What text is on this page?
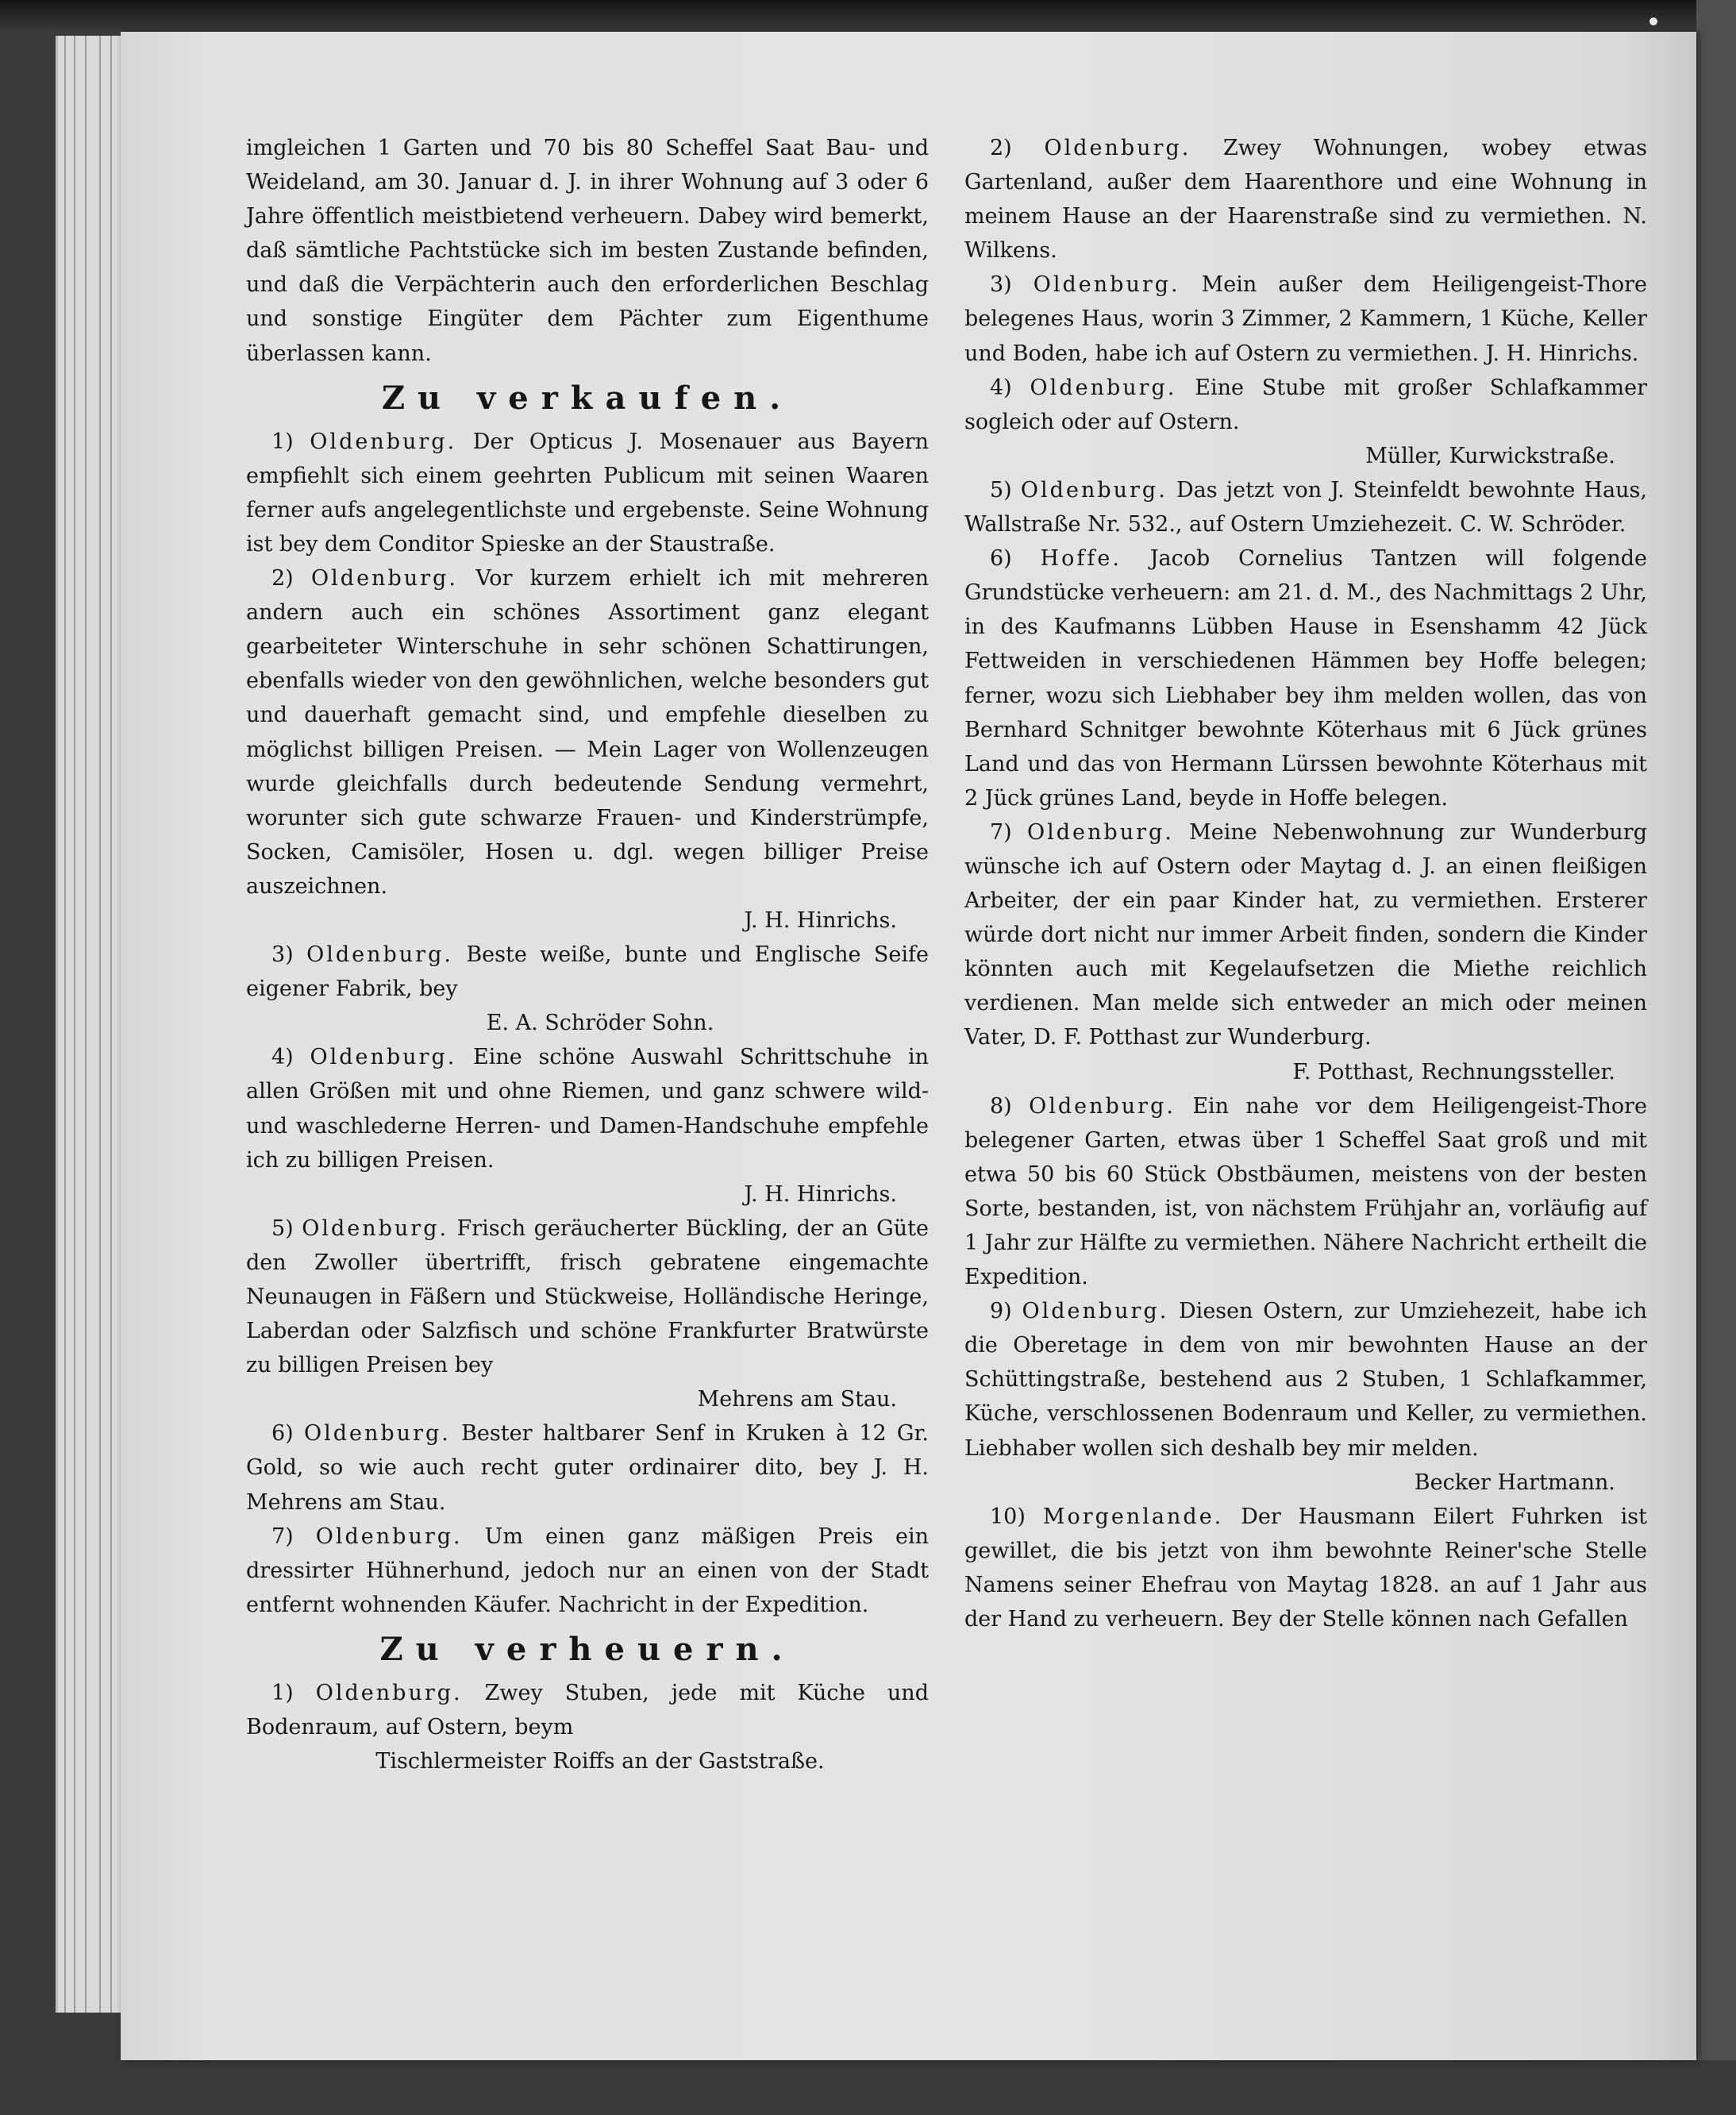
imgleichen 1 Garten und 70 bis 80 Scheffel Saat Bau- und Weideland, am 30. Januar d. J. in ihrer Wohnung auf 3 oder 6 Jahre öffentlich meistbietend verheuern. Dabey wird bemerkt, daß sämtliche Pachtstücke sich im besten Zustande befinden, und daß die Verpächterin auch den erforderlichen Beschlag und sonstige Eingüter dem Pächter zum Eigenthume überlassen kann.

Zu verkaufen.

1) Oldenburg. Der Opticus J. Mosenauer aus Bayern empfiehlt sich einem geehrten Publicum mit seinen Waaren ferner aufs angelegentlichste und ergebenste. Seine Wohnung ist bey dem Conditor Spieske an der Staustraße.

2) Oldenburg. Vor kurzem erhielt ich mit mehreren andern auch ein schönes Assortiment ganz elegant gearbeiteter Winterschuhe in sehr schönen Schattirungen, ebenfalls wieder von den gewöhnlichen, welche besonders gut und dauerhaft gemacht sind, und empfehle dieselben zu möglichst billigen Preisen. — Mein Lager von Wollenzeugen wurde gleichfalls durch bedeutende Sendung vermehrt, worunter sich gute schwarze Frauen- und Kinderstrümpfe, Socken, Camisöler, Hosen u. dgl. wegen billiger Preise auszeichnen.
J. H. Hinrichs.

3) Oldenburg. Beste weiße, bunte und Englische Seife eigener Fabrik, bey
E. A. Schröder Sohn.

4) Oldenburg. Eine schöne Auswahl Schrittschuhe in allen Größen mit und ohne Riemen, und ganz schwere wild- und waschlederne Herren- und Damen-Handschuhe empfehle ich zu billigen Preisen.
J. H. Hinrichs.

5) Oldenburg. Frisch geräucherter Bückling, der an Güte den Zwoller übertrifft, frisch gebratene eingemachte Neunaugen in Fäßern und Stückweise, Holländische Heringe, Laberdan oder Salzfisch und schöne Frankfurter Bratwürste zu billigen Preisen bey
Mehrens am Stau.

6) Oldenburg. Bester haltbarer Senf in Kruken à 12 Gr. Gold, so wie auch recht guter ordinairer dito, bey J. H. Mehrens am Stau.

7) Oldenburg. Um einen ganz mäßigen Preis ein dressirter Hühnerhund, jedoch nur an einen von der Stadt entfernt wohnenden Käufer. Nachricht in der Expedition.

Zu verheuern.

1) Oldenburg. Zwey Stuben, jede mit Küche und Bodenraum, auf Ostern, beym
Tischlermeister Roiffs an der Gaststraße.

2) Oldenburg. Zwey Wohnungen, wobey etwas Gartenland, außer dem Haarenthore und eine Wohnung in meinem Hause an der Haarenstraße sind zu vermiethen. N. Wilkens.

3) Oldenburg. Mein außer dem Heiligengeist-Thore belegenes Haus, worin 3 Zimmer, 2 Kammern, 1 Küche, Keller und Boden, habe ich auf Ostern zu vermiethen. J. H. Hinrichs.

4) Oldenburg. Eine Stube mit großer Schlafkammer sogleich oder auf Ostern.
Müller, Kurwickstraße.

5) Oldenburg. Das jetzt von J. Steinfeldt bewohnte Haus, Wallstraße Nr. 532., auf Ostern Umziehezeit. C. W. Schröder.

6) Hoffe. Jacob Cornelius Tantzen will folgende Grundstücke verheuern: am 21. d. M., des Nachmittags 2 Uhr, in des Kaufmanns Lübben Hause in Esenshamm 42 Jück Fettweiden in verschiedenen Hämmen bey Hoffe belegen; ferner, wozu sich Liebhaber bey ihm melden wollen, das von Bernhard Schnitger bewohnte Köterhaus mit 6 Jück grünes Land und das von Hermann Lürssen bewohnte Köterhaus mit 2 Jück grünes Land, beyde in Hoffe belegen.

7) Oldenburg. Meine Nebenwohnung zur Wunderburg wünsche ich auf Ostern oder Maytag d. J. an einen fleißigen Arbeiter, der ein paar Kinder hat, zu vermiethen. Ersterer würde dort nicht nur immer Arbeit finden, sondern die Kinder könnten auch mit Kegelaufsetzen die Miethe reichlich verdienen. Man melde sich entweder an mich oder meinen Vater, D. F. Potthast zur Wunderburg.
F. Potthast, Rechnungssteller.

8) Oldenburg. Ein nahe vor dem Heiligengeist-Thore belegener Garten, etwas über 1 Scheffel Saat groß und mit etwa 50 bis 60 Stück Obstbäumen, meistens von der besten Sorte, bestanden, ist, von nächstem Frühjahr an, vorläufig auf 1 Jahr zur Hälfte zu vermiethen. Nähere Nachricht ertheilt die Expedition.

9) Oldenburg. Diesen Ostern, zur Umziehezeit, habe ich die Oberetage in dem von mir bewohnten Hause an der Schüttingstraße, bestehend aus 2 Stuben, 1 Schlafkammer, Küche, verschlossenen Bodenraum und Keller, zu vermiethen. Liebhaber wollen sich deshalb bey mir melden.
Becker Hartmann.

10) Morgenlande. Der Hausmann Eilert Fuhrken ist gewillet, die bis jetzt von ihm bewohnte Reiner'sche Stelle Namens seiner Ehefrau von Maytag 1828. an auf 1 Jahr aus der Hand zu verheuern. Bey der Stelle können nach Gefallen
